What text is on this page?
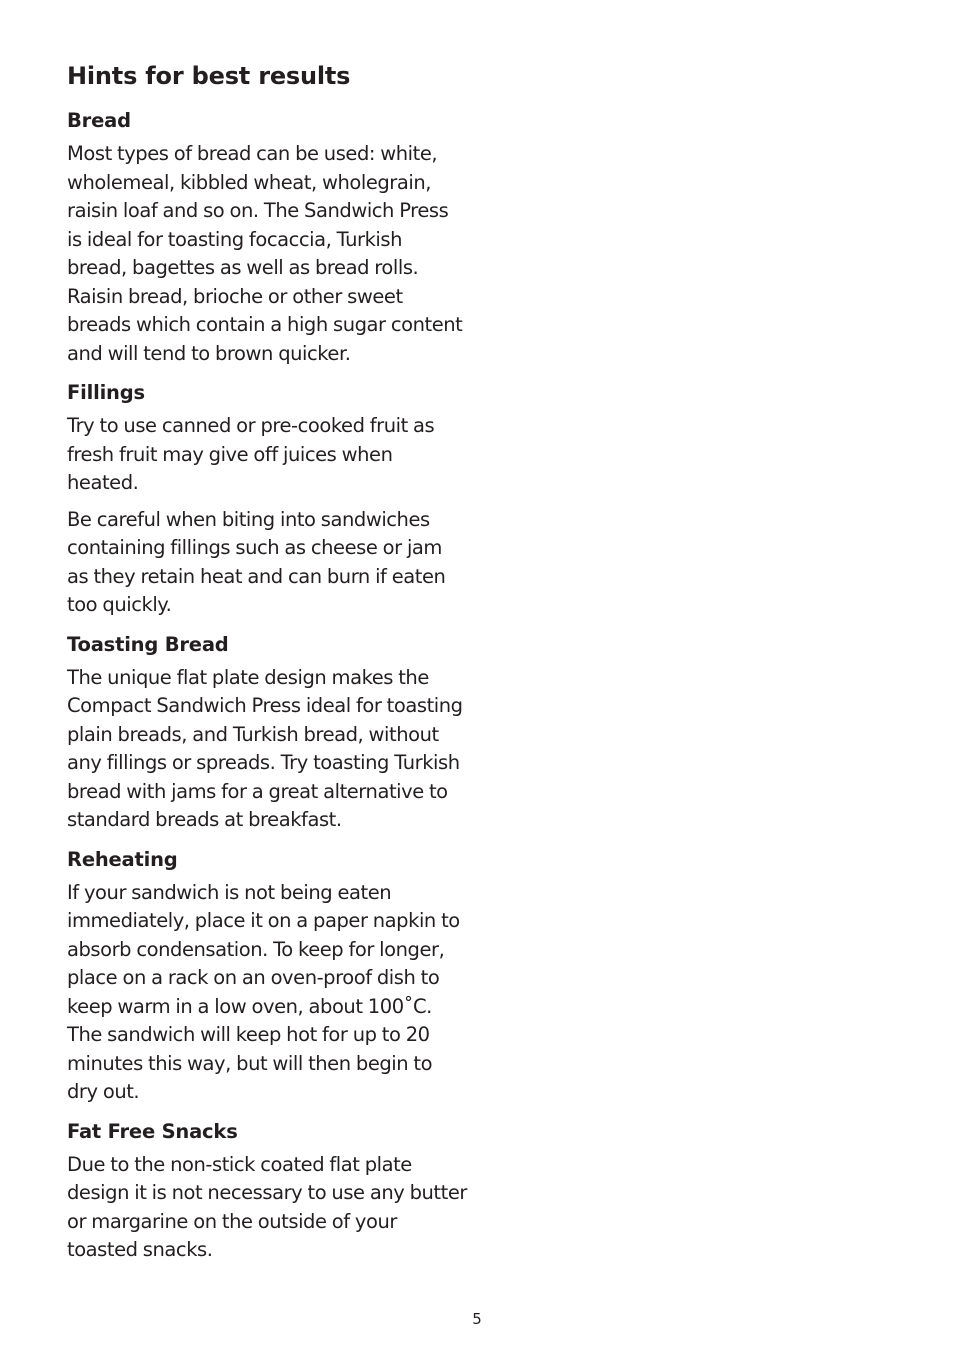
Hints for best results
Bread

Most types of bread can be used: white, wholemeal, kibbled wheat, wholegrain, raisin loaf and so on. The Sandwich Press is ideal for toasting focaccia, Turkish bread, bagettes as well as bread rolls. Raisin bread, brioche or other sweet breads which contain a high sugar content and will tend to brown quicker.

Fillings

Try to use canned or pre-cooked fruit as fresh fruit may give off juices when heated.

Be careful when biting into sandwiches containing fillings such as cheese or jam as they retain heat and can burn if eaten too quickly.

Toasting Bread

The unique flat plate design makes the Compact Sandwich Press ideal for toasting plain breads, and Turkish bread, without any fillings or spreads. Try toasting Turkish bread with jams for a great alternative to standard breads at breakfast.

Reheating

If your sandwich is not being eaten immediately, place it on a paper napkin to absorb condensation. To keep for longer, place on a rack on an oven-proof dish to keep warm in a low oven, about 100˚C. The sandwich will keep hot for up to 20 minutes this way, but will then begin to dry out.

Fat Free Snacks

Due to the non-stick coated flat plate design it is not necessary to use any butter or margarine on the outside of your toasted snacks.

5
